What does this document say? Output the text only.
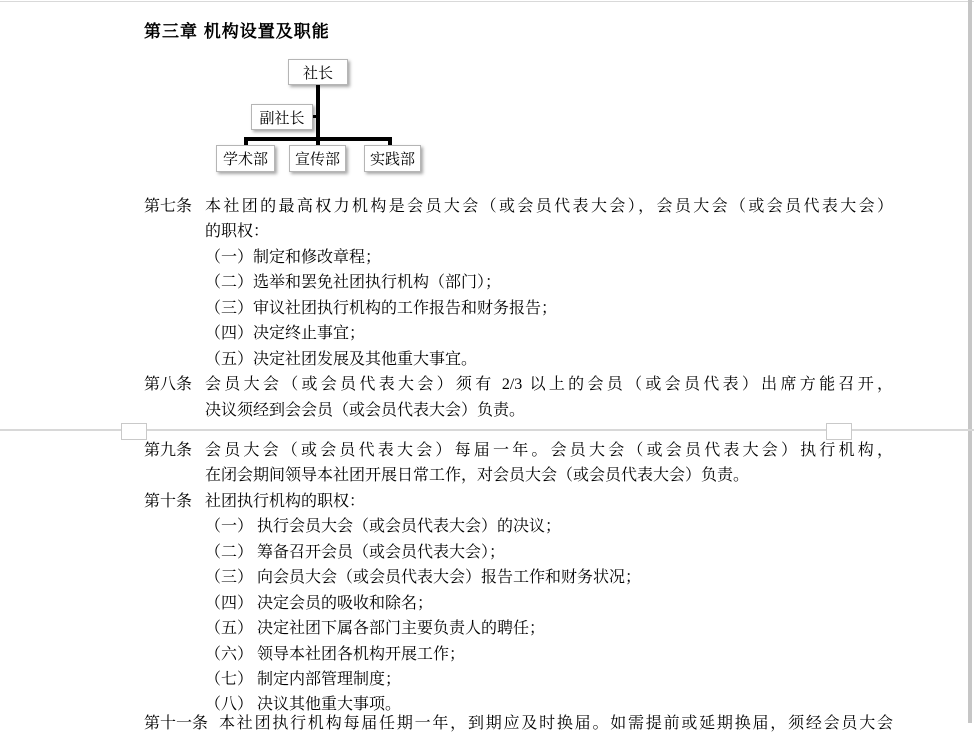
第三章 机构设置及职能
社长
副社长
学术部	宣传部	实践部
第七条 本社团的最高权力机构是会员大会（或会员代表大会），会员大会（或会员代表大会）
的职权：
（一）制定和修改章程；
（二）选举和罢免社团执行机构（部门）；
（三）审议社团执行机构的工作报告和财务报告；
（四）决定终止事宜；
（五）决定社团发展及其他重大事宜。
第八条 会员大会（或会员代表大会）须有 2/3 以上的会员（或会员代表）出席方能召开，
决议须经到会会员（或会员代表大会）负责。
第九条 会员大会（或会员代表大会）每届一年。会员大会（或会员代表大会）执行机构，
在闭会期间领导本社团开展日常工作，对会员大会（或会员代表大会）负责。
第十条 社团执行机构的职权：
（一） 执行会员大会（或会员代表大会）的决议；
（二） 筹备召开会员（或会员代表大会）；
（三） 向会员大会（或会员代表大会）报告工作和财务状况；
（四） 决定会员的吸收和除名；
（五） 决定社团下属各部门主要负责人的聘任；
（六） 领导本社团各机构开展工作；
（七） 制定内部管理制度；
（八） 决议其他重大事项。
第十一条 本社团执行机构每届任期一年，到期应及时换届。如需提前或延期换届，须经会员大会
